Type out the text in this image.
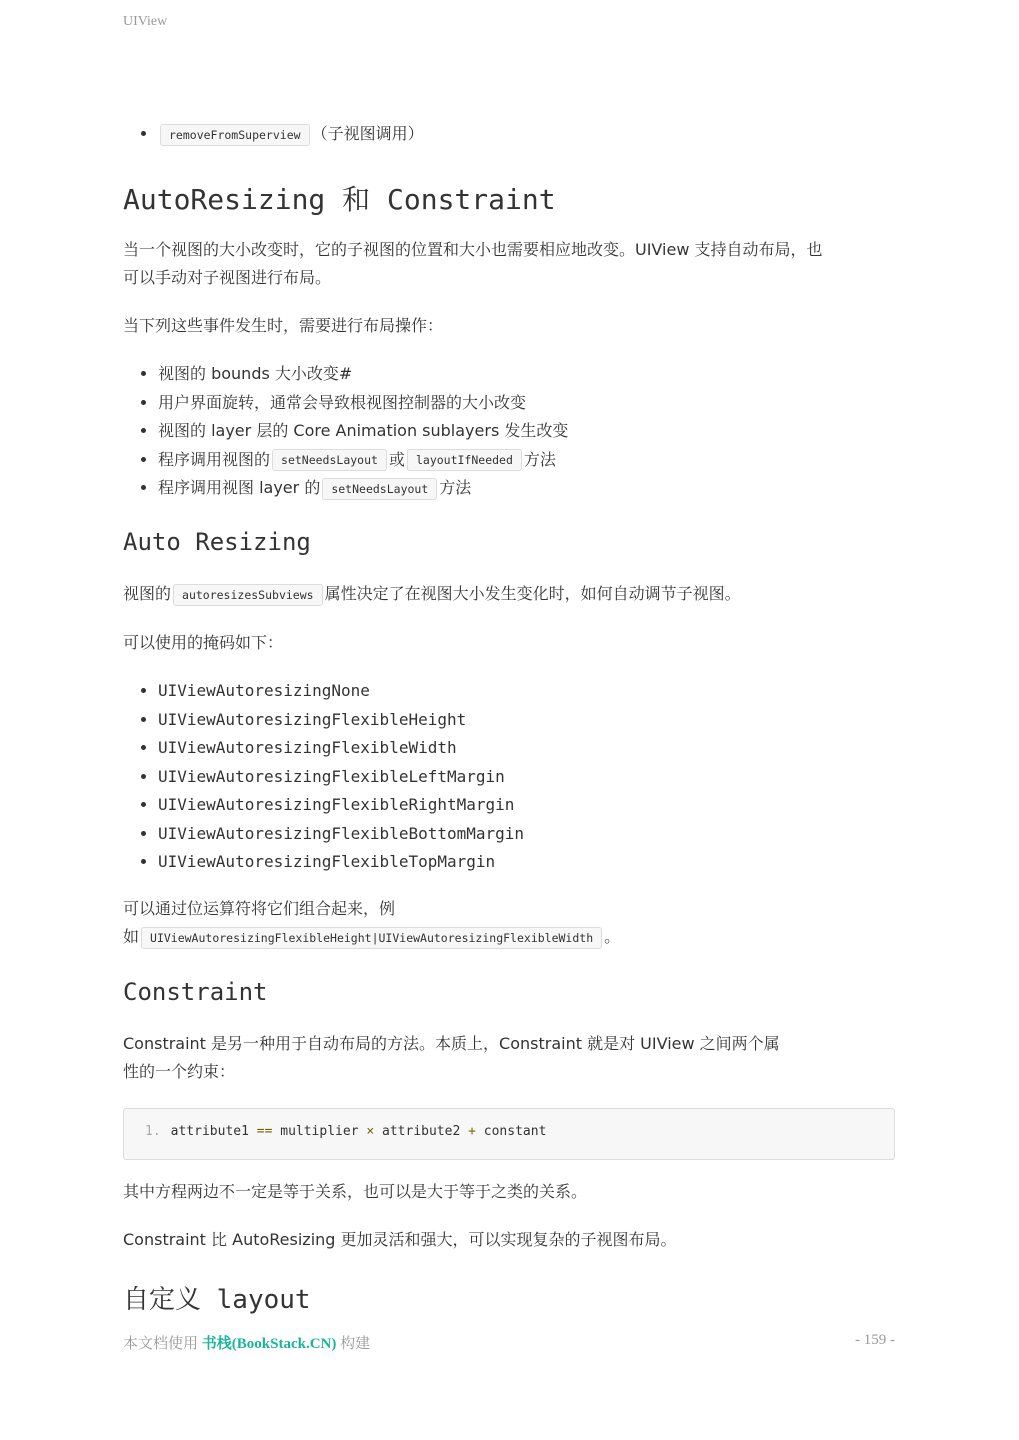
UIView
• removeFromSuperview （子视图调用）
AutoResizing 和 Constraint

当一个视图的大小改变时，它的子视图的位置和大小也需要相应地改变。UIView 支持自动布局，也
可以手动对子视图进行布局。

当下列这些事件发生时，需要进行布局操作：

• 视图的 bounds 大小改变#
• 用户界面旋转，通常会导致根视图控制器的大小改变
• 视图的 layer 层的 Core Animation sublayers 发生改变
• 程序调用视图的 setNeedsLayout 或 layoutIfNeeded 方法
• 程序调用视图 layer 的 setNeedsLayout 方法
Auto Resizing

视图的 autoresizesSubviews 属性决定了在视图大小发生变化时，如何自动调节子视图。

可以使用的掩码如下：

• UIViewAutoresizingNone
• UIViewAutoresizingFlexibleHeight
• UIViewAutoresizingFlexibleWidth
• UIViewAutoresizingFlexibleLeftMargin
• UIViewAutoresizingFlexibleRightMargin
• UIViewAutoresizingFlexibleBottomMargin
• UIViewAutoresizingFlexibleTopMargin

可以通过位运算符将它们组合起来，例
如 UIViewAutoresizingFlexibleHeight|UIViewAutoresizingFlexibleWidth 。

Constraint

Constraint 是另一种用于自动布局的方法。本质上，Constraint 就是对 UIView 之间两个属
性的一个约束：

1. attribute1 == multiplier × attribute2 + constant

其中方程两边不一定是等于关系，也可以是大于等于之类的关系。

Constraint 比 AutoResizing 更加灵活和强大，可以实现复杂的子视图布局。

自定义 layout
本文档使用 书栈(BookStack.CN) 构建	- 159 -
